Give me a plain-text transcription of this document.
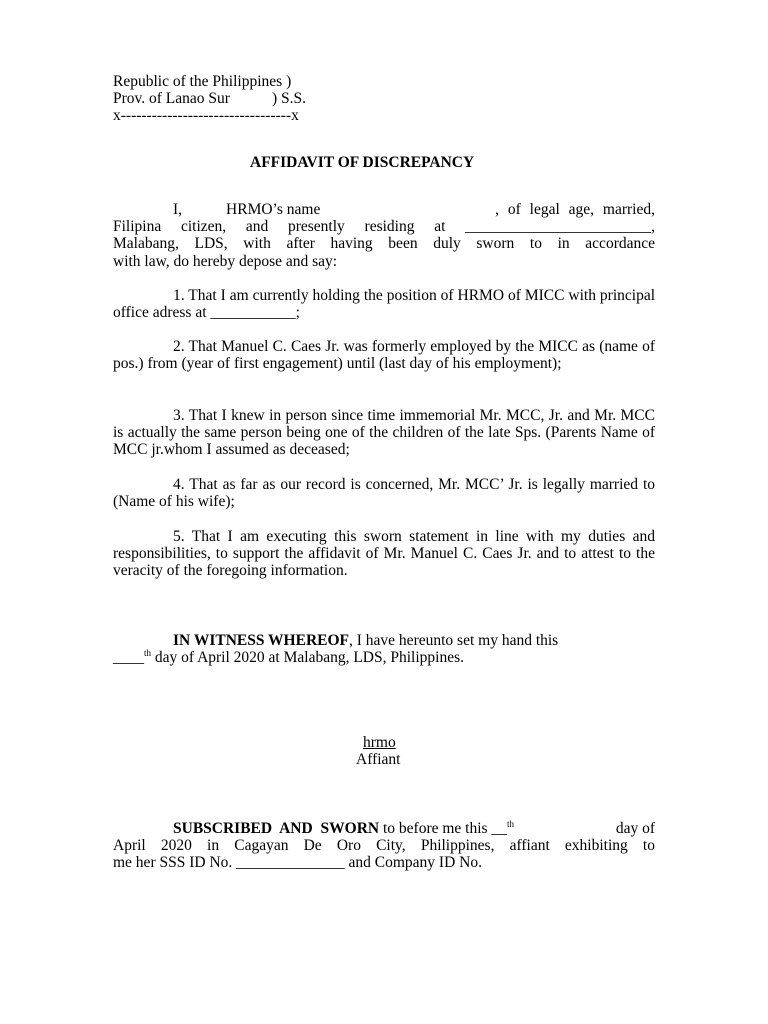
Republic of the Philippines )
Prov. of Lanao Sur	) S.S.
x---------------------------------x
AFFIDAVIT OF DISCREPANCY
I,	HRMO’s name	, of legal age, married,
Filipina citizen, and presently residing at ________________________,
Malabang, LDS, with after having been duly sworn to in accordance
with law, do hereby depose and say:
1. That I am currently holding the position of HRMO of MICC with principal office adress at ___________;
2. That Manuel C. Caes Jr. was formerly employed by the MICC as (name of pos.) from (year of first engagement) until (last day of his employment);
3. That I knew in person since time immemorial Mr. MCC, Jr. and Mr. MCC is actually the same person being one of the children of the late Sps. (Parents Name of MCC jr.whom I assumed as deceased;
4. That as far as our record is concerned, Mr. MCC’ Jr. is legally married to (Name of his wife);
5. That I am executing this sworn statement in line with my duties and responsibilities, to support the affidavit of Mr. Manuel C. Caes Jr. and to attest to the veracity of the foregoing information.
IN WITNESS WHEREOF, I have hereunto set my hand this
____$^{th}$ day of April 2020 at Malabang, LDS, Philippines.
hrmo
Affiant
SUBSCRIBED AND SWORN to before me this __$^{th}$	day of
April 2020 in Cagayan De Oro City, Philippines, affiant exhibiting to
me her SSS ID No. ______________ and Company ID No.
